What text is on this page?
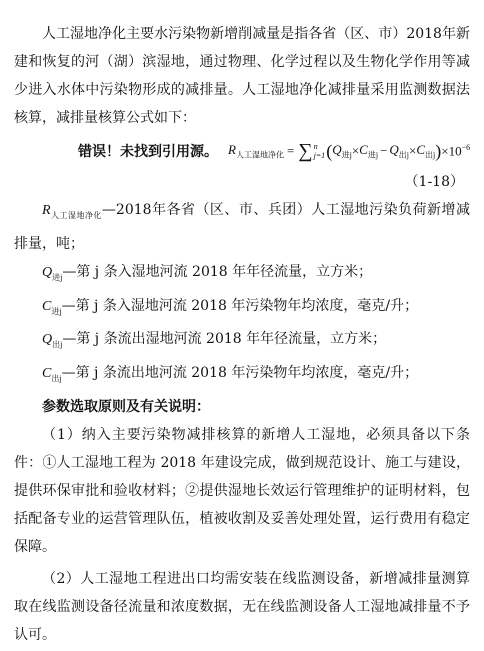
人工湿地净化主要水污染物新增削减量是指各省（区、市）2018年新建和恢复的河（湖）滨湿地，通过物理、化学过程以及生物化学作用等减少进入水体中污染物形成的减排量。人工湿地净化减排量采用监测数据法核算，减排量核算公式如下：

错误！未找到引用源。 $R_{人工湿地净化}$ = ∑ n
j=1 ( $Q_{进j} \times C_{进j} - Q_{出j} \times C_{出j}$ ) $\times 10^{-6}$
（1-18）

$R_{人工湿地净化}—2018$年各省（区、市、兵团）人工湿地污染负荷新增减排量，吨；

$Q_{进j}—$第 j 条入湿地河流 2018 年年径流量，立方米；

$C_{进j}—$第 j 条入湿地河流 2018 年污染物年均浓度，毫克/升；

$Q_{出j}—$第 j 条流出湿地河流 2018 年年径流量，立方米；

$C_{出j}—$第 j 条流出地河流 2018 年污染物年均浓度，毫克/升；

参数选取原则及有关说明：

（1）纳入主要污染物减排核算的新增人工湿地，必须具备以下条件：①人工湿地工程为 2018 年建设完成，做到规范设计、施工与建设，提供环保审批和验收材料；②提供湿地长效运行管理维护的证明材料，包括配备专业的运营管理队伍，植被收割及妥善处理处置，运行费用有稳定保障。

（2）人工湿地工程进出口均需安装在线监测设备，新增减排量测算取在线监测设备径流量和浓度数据，无在线监测设备人工湿地减排量不予认可。
